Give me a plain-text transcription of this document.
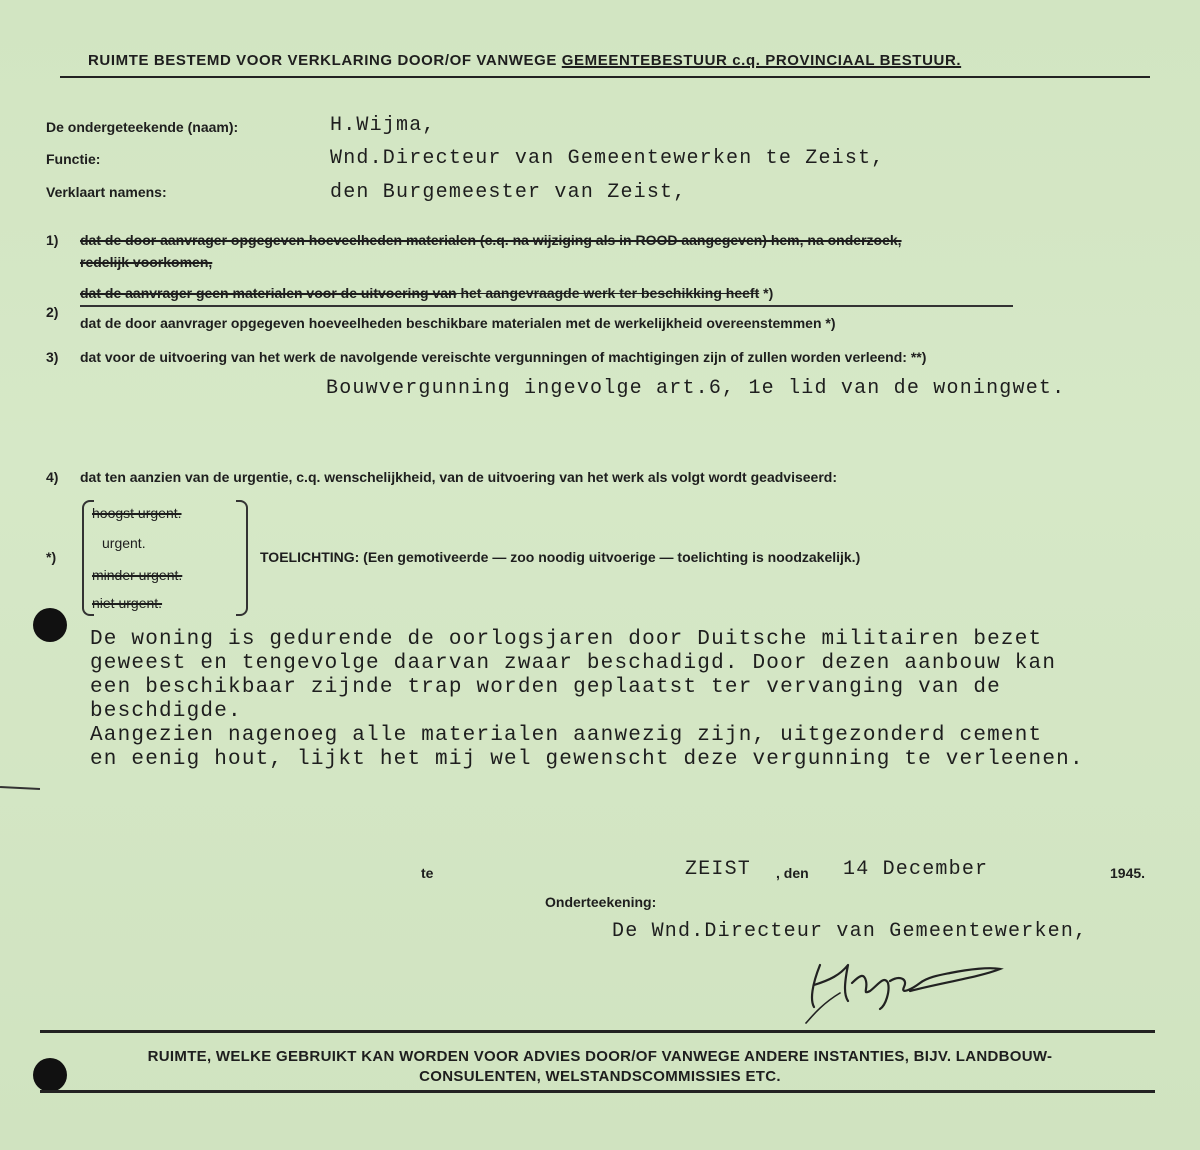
RUIMTE BESTEMD VOOR VERKLARING DOOR/OF VANWEGE GEMEENTEBESTUUR c.q. PROVINCIAAL BESTUUR.
De ondergeteekende (naam):	H.Wijma,
Functie:	Wnd.Directeur van Gemeentewerken te Zeist,
Verklaart namens:	den Burgemeester van Zeist,
1) dat de door aanvrager opgegeven hoeveelheden materialen (c.q. na wijziging als in ROOD aangegeven) hem, na onderzoek,
redelijk voorkomen,
dat de aanvrager geen materialen voor de uitvoering van het aangevraagde werk ter beschikking heeft *)
2)
dat de door aanvrager opgegeven hoeveelheden beschikbare materialen met de werkelijkheid overeenstemmen *)
3) dat voor de uitvoering van het werk de navolgende vereischte vergunningen of machtigingen zijn of zullen worden verleend: **)
Bouwvergunning ingevolge art.6, 1e lid van de woningwet.
4) dat ten aanzien van de urgentie, c.q. wenschelijkheid, van de uitvoering van het werk als volgt wordt geadviseerd:
*)
hoogst urgent.
urgent.
minder urgent.
niet urgent.
TOELICHTING: (Een gemotiveerde — zoo noodig uitvoerige — toelichting is noodzakelijk.)
De woning is gedurende de oorlogsjaren door Duitsche militairen bezet
geweest en tengevolge daarvan zwaar beschadigd. Door dezen aanbouw kan
een beschikbaar zijnde trap worden geplaatst ter vervanging van de
beschdigde.
Aangezien nagenoeg alle materialen aanwezig zijn, uitgezonderd cement
en eenig hout, lijkt het mij wel gewenscht deze vergunning te verleenen.
te	ZEIST , den 14 December	1945.
Onderteekening:
De Wnd.Directeur van Gemeentewerken,
RUIMTE, WELKE GEBRUIKT KAN WORDEN VOOR ADVIES DOOR/OF VANWEGE ANDERE INSTANTIES, BIJV. LANDBOUW-
CONSULENTEN, WELSTANDSCOMMISSIES ETC.
